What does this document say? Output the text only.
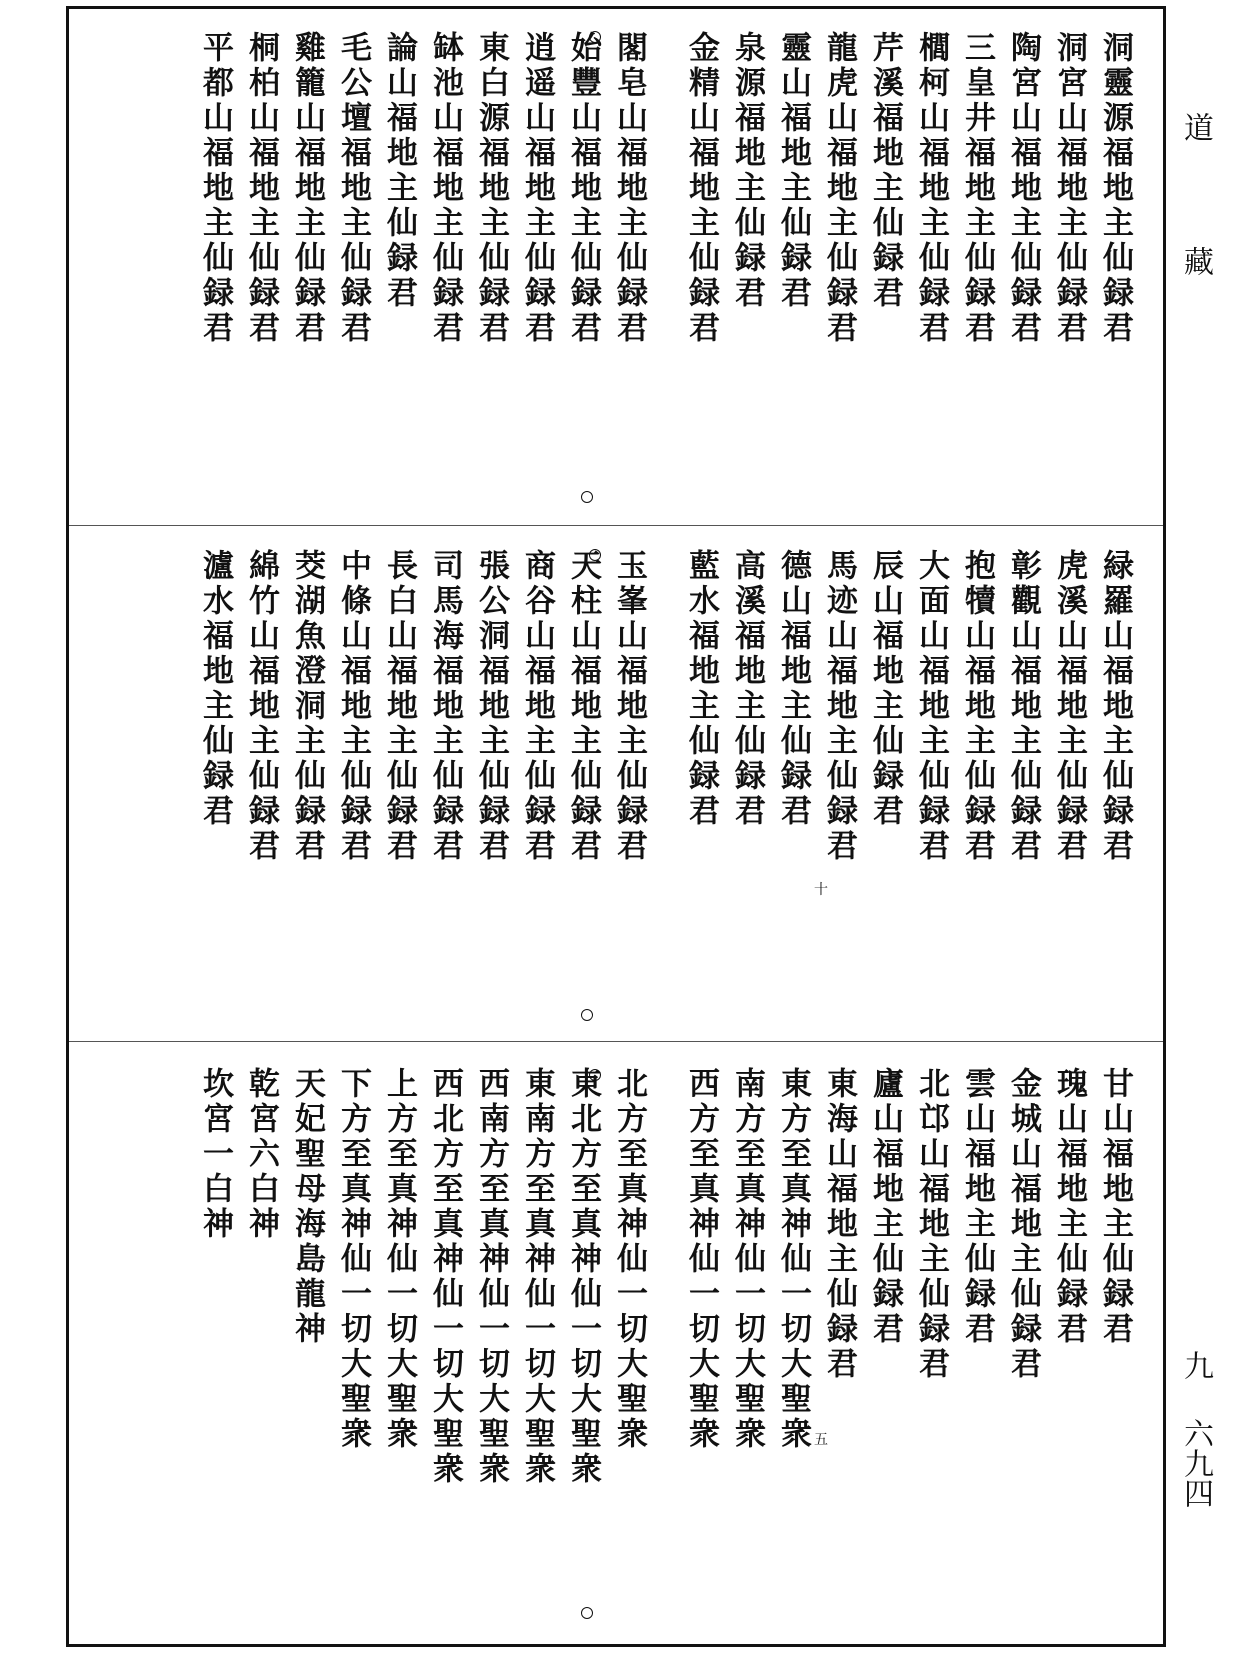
洞靈源福地主仙録君
洞宮山福地主仙録君
陶宮山福地主仙録君
三皇井福地主仙録君
櫚柯山福地主仙録君
芹溪福地主仙録君
龍虎山福地主仙録君
靈山福地主仙録君
泉源福地主仙録君
金精山福地主仙録君
閣皂山福地主仙録君
始豐山福地主仙録君
逍遥山福地主仙録君
東白源福地主仙録君
缽池山福地主仙録君
論山福地主仙録君
毛公壇福地主仙録君
雞籠山福地主仙録君
桐柏山福地主仙録君
平都山福地主仙録君
緑羅山福地主仙録君
虎溪山福地主仙録君
彰觀山福地主仙録君
抱犢山福地主仙録君
大面山福地主仙録君
辰山福地主仙録君
馬迹山福地主仙録君
德山福地主仙録君
高溪福地主仙録君
藍水福地主仙録君
玉峯山福地主仙録君
天柱山福地主仙録君
商谷山福地主仙録君
張公洞福地主仙録君
司馬海福地主仙録君
長白山福地主仙録君
中條山福地主仙録君
茭湖魚澄洞主仙録君
綿竹山福地主仙録君
瀘水福地主仙録君
甘山福地主仙録君
瑰山福地主仙録君
金城山福地主仙録君
雲山福地主仙録君
北邙山福地主仙録君
廬山福地主仙録君
東海山福地主仙録君
東方至真神仙一切大聖衆
南方至真神仙一切大聖衆
西方至真神仙一切大聖衆
北方至真神仙一切大聖衆
東北方至真神仙一切大聖衆
東南方至真神仙一切大聖衆
西南方至真神仙一切大聖衆
西北方至真神仙一切大聖衆
上方至真神仙一切大聖衆
下方至真神仙一切大聖衆
天妃聖母海島龍神
乾宮六白神
坎宮一白神
十
五
道
藏
九
六九四
